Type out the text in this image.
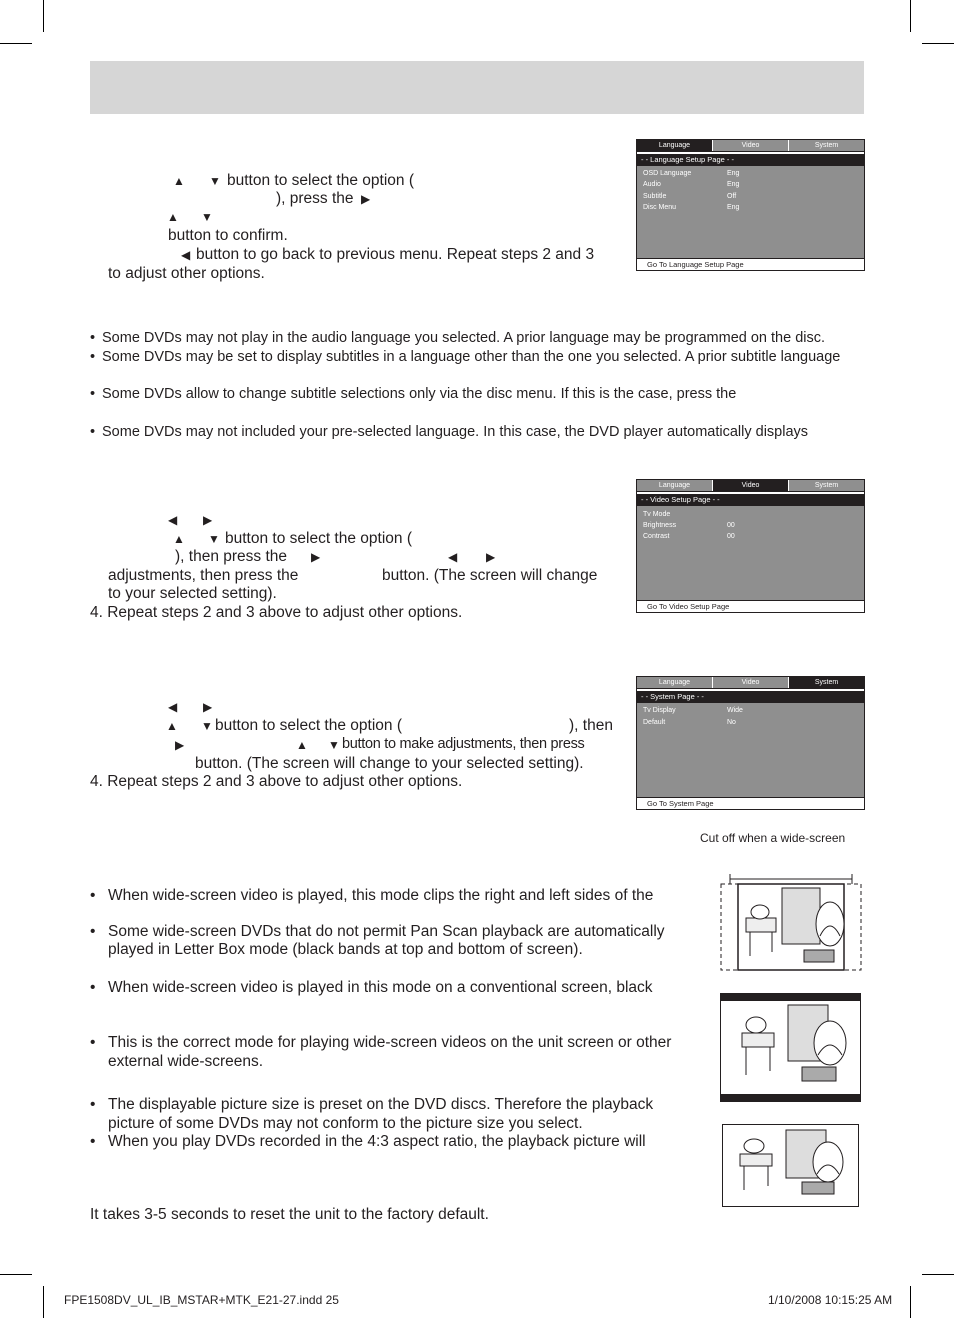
▲ ▼ button to select the option (
), press the ▶
▲ ▼
button to confirm.
◀ button to go back to previous menu. Repeat steps 2 and 3
to adjust other options.
Language	Video	System
- - Language Setup Page - -
OSD Language	Eng
Audio	Eng
Subtitle	Off
Disc Menu	Eng
Go To Language Setup Page
• Some DVDs may not play in the audio language you selected. A prior language may be programmed on the disc.
• Some DVDs may be set to display subtitles in a language other than the one you selected. A prior subtitle language
• Some DVDs allow to change subtitle selections only via the disc menu. If this is the case, press the
• Some DVDs may not included your pre-selected language. In this case, the DVD player automatically displays
◀ ▶
▲ ▼ button to select the option (
), then press the ▶	◀ ▶
adjustments, then press the	button. (The screen will change
to your selected setting).
4. Repeat steps 2 and 3 above to adjust other options.
Language	Video	System
- - Video Setup Page - -
Tv Mode
Brightness	00
Contrast	00
Go To Video Setup Page
◀ ▶
▲ ▼ button to select the option (	), then
▶	▲ ▼ button to make adjustments, then press
button. (The screen will change to your selected setting).
4. Repeat steps 2 and 3 above to adjust other options.
Language	Video	System
- - System Page - -
Tv Display	Wide
Default	No
Go To System Page
Cut off when a wide-screen
• When wide-screen video is played, this mode clips the right and left sides of the
• Some wide-screen DVDs that do not permit Pan Scan playback are automatically
played in Letter Box mode (black bands at top and bottom of screen).
• When wide-screen video is played in this mode on a conventional screen, black
• This is the correct mode for playing wide-screen videos on the unit screen or other
external wide-screens.
• The displayable picture size is preset on the DVD discs. Therefore the playback
picture of some DVDs may not conform to the picture size you select.
• When you play DVDs recorded in the 4:3 aspect ratio, the playback picture will
It takes 3-5 seconds to reset the unit to the factory default.
FPE1508DV_UL_IB_MSTAR+MTK_E21-27.indd 25	1/10/2008 10:15:25 AM
